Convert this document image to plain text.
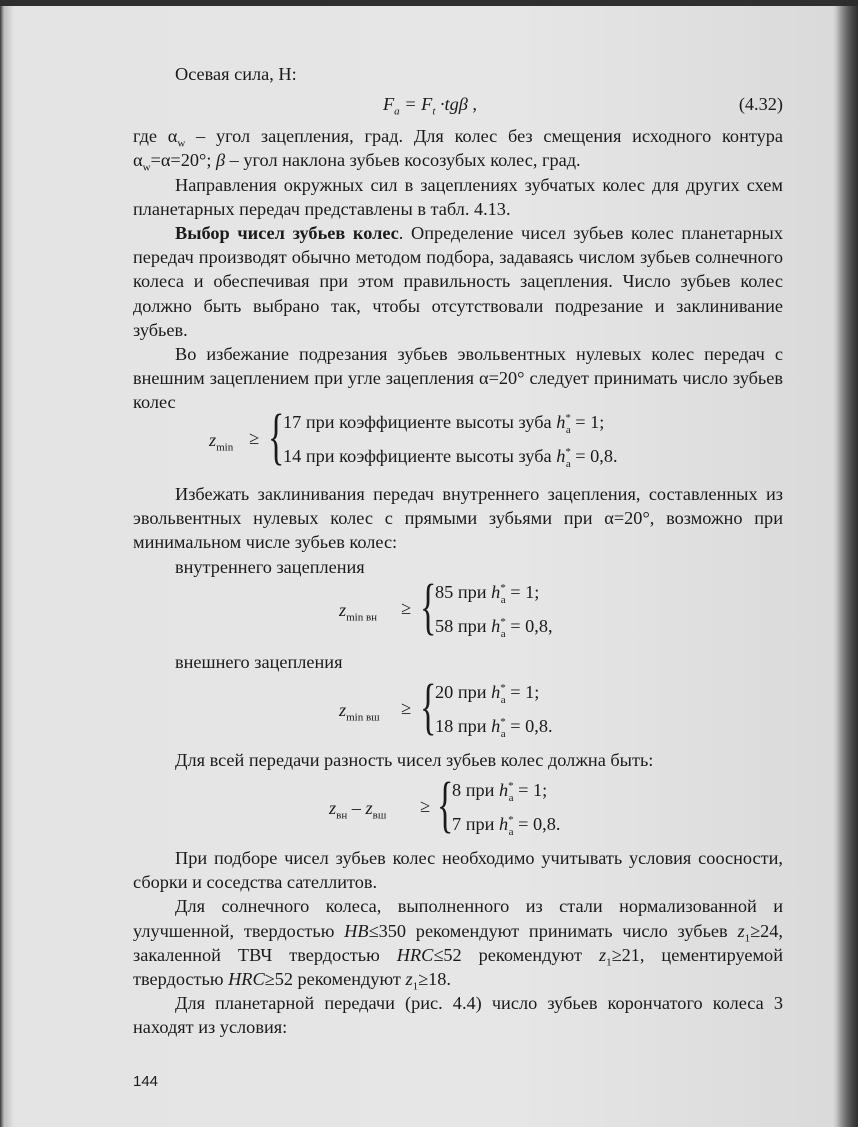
Осевая сила, Н:

$F_a = F_t \cdot tg\beta$ ,	(4.32)

где $\alpha_w$ – угол зацепления, град. Для колес без смещения исходного контура $\alpha_w=\alpha=20^\circ$; β – угол наклона зубьев косозубых колес, град.

Направления окружных сил в зацеплениях зубчатых колес для других схем планетарных передач представлены в табл. 4.13.

Выбор чисел зубьев колес. Определение чисел зубьев колес планетарных передач производят обычно методом подбора, задаваясь числом зубьев солнечного колеса и обеспечивая при этом правильность зацепления. Число зубьев колес должно быть выбрано так, чтобы отсутствовали подрезание и заклинивание зубьев.

Во избежание подрезания зубьев эвольвентных нулевых колес передач с внешним зацеплением при угле зацепления α=20° следует принимать число зубьев колес

$z_{min}$ ≥ {
17 при коэффициенте высоты зуба $h^*_a = 1$;
14 при коэффициенте высоты зуба $h^*_a = 0,8$.

Избежать заклинивания передач внутреннего зацепления, составленных из эвольвентных нулевых колес с прямыми зубьями при α=20°, возможно при минимальном числе зубьев колес:

внутреннего зацепления

$z_{min вн}$ ≥ {
85 при $h^*_a = 1$;
58 при $h^*_a = 0,8$,

внешнего зацепления

$z_{min вш}$ ≥ {
20 при $h^*_a = 1$;
18 при $h^*_a = 0,8$.

Для всей передачи разность чисел зубьев колес должна быть:

$z_{вн} - z_{вш}$ ≥ {
8 при $h^*_a = 1$;
7 при $h^*_a = 0,8$.

При подборе чисел зубьев колес необходимо учитывать условия соосности, сборки и соседства сателлитов.

Для солнечного колеса, выполненного из стали нормализованной и улучшенной, твердостью HB≤350 рекомендуют принимать число зубьев $z_1\ge 24$, закаленной ТВЧ твердостью HRC≤52 рекомендуют $z_1\ge 21$, цементируемой твердостью HRC≥52 рекомендуют $z_1\ge 18$.

Для планетарной передачи (рис. 4.4) число зубьев корончатого колеса 3 находят из условия:

144
